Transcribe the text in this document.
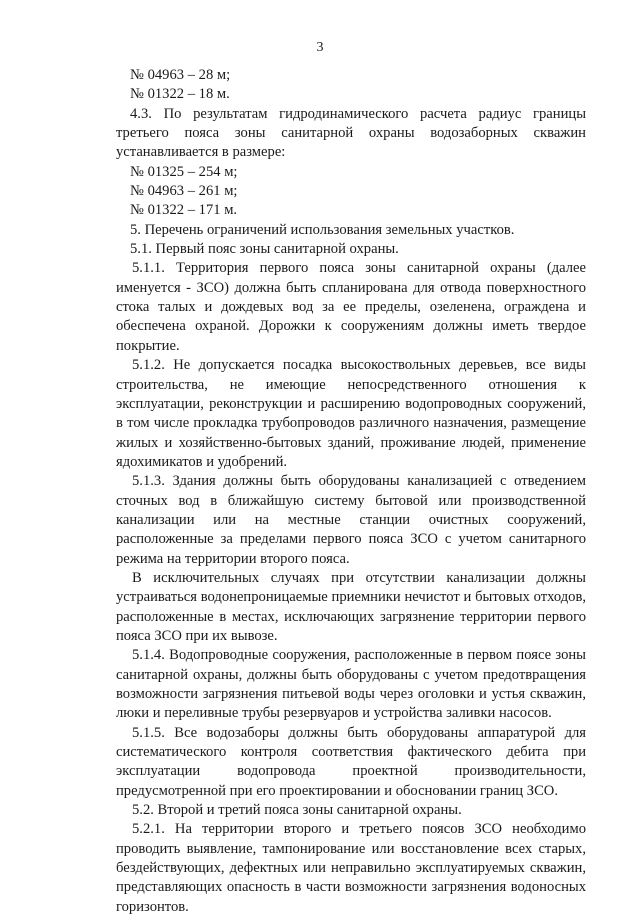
3

№ 04963 – 28 м;

№ 01322 – 18 м.

4.3. По результатам гидродинамического расчета радиус границы третьего пояса зоны санитарной охраны водозаборных скважин устанавливается в размере:

№ 01325 – 254 м;

№ 04963 – 261 м;

№ 01322 – 171 м.

5. Перечень ограничений использования земельных участков.

5.1. Первый пояс зоны санитарной охраны.

5.1.1. Территория первого пояса зоны санитарной охраны (далее именуется - ЗСО) должна быть спланирована для отвода поверхностного стока талых и дождевых вод за ее пределы, озеленена, ограждена и обеспечена охраной. Дорожки к сооружениям должны иметь твердое покрытие.

5.1.2. Не допускается посадка высокоствольных деревьев, все виды строительства, не имеющие непосредственного отношения к эксплуатации, реконструкции и расширению водопроводных сооружений, в том числе прокладка трубопроводов различного назначения, размещение жилых и хозяйственно-бытовых зданий, проживание людей, применение ядохимикатов и удобрений.

5.1.3. Здания должны быть оборудованы канализацией с отведением сточных вод в ближайшую систему бытовой или производственной канализации или на местные станции очистных сооружений, расположенные за пределами первого пояса ЗСО с учетом санитарного режима на территории второго пояса.

В исключительных случаях при отсутствии канализации должны устраиваться водонепроницаемые приемники нечистот и бытовых отходов, расположенные в местах, исключающих загрязнение территории первого пояса ЗСО при их вывозе.

5.1.4. Водопроводные сооружения, расположенные в первом поясе зоны санитарной охраны, должны быть оборудованы с учетом предотвращения возможности загрязнения питьевой воды через оголовки и устья скважин, люки и переливные трубы резервуаров и устройства заливки насосов.

5.1.5. Все водозаборы должны быть оборудованы аппаратурой для систематического контроля соответствия фактического дебита при эксплуатации водопровода проектной производительности, предусмотренной при его проектировании и обосновании границ ЗСО.

5.2. Второй и третий пояса зоны санитарной охраны.

5.2.1. На территории второго и третьего поясов ЗСО необходимо проводить выявление, тампонирование или восстановление всех старых, бездействующих, дефектных или неправильно эксплуатируемых скважин, представляющих опасность в части возможности загрязнения водоносных горизонтов.
